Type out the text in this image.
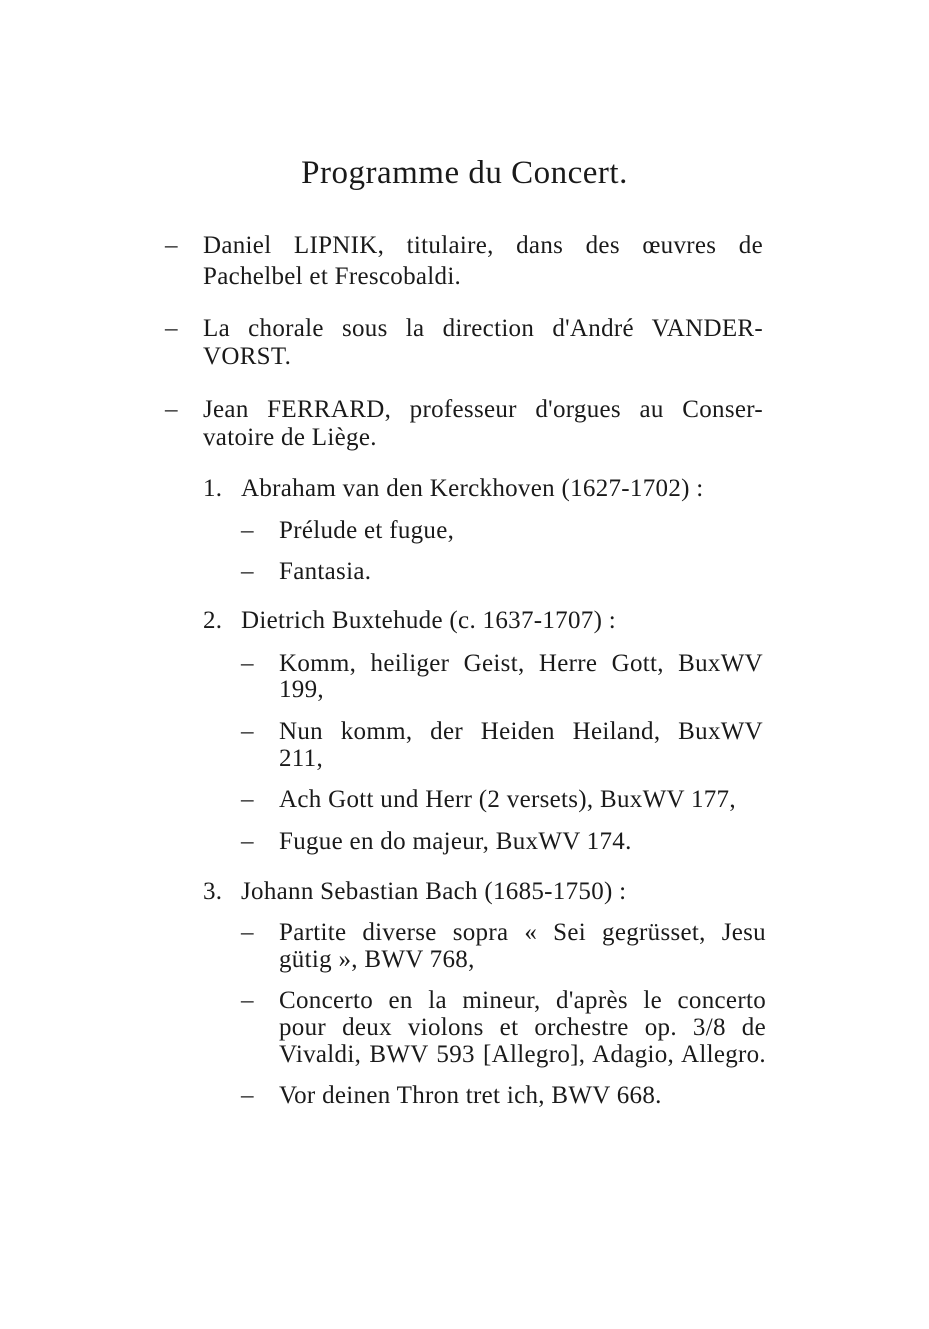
Programme du Concert.
– Daniel LIPNIK, titulaire, dans des œuvres de
Pachelbel et Frescobaldi.
– La chorale sous la direction d'André VANDER-
VORST.
– Jean FERRARD, professeur d'orgues au Conser-
vatoire de Liège.
1. Abraham van den Kerckhoven (1627-1702) :
– Prélude et fugue,
– Fantasia.
2. Dietrich Buxtehude (c. 1637-1707) :
– Komm, heiliger Geist, Herre Gott, BuxWV
199,
– Nun komm, der Heiden Heiland, BuxWV
211,
– Ach Gott und Herr (2 versets), BuxWV 177,
– Fugue en do majeur, BuxWV 174.
3. Johann Sebastian Bach (1685-1750) :
– Partite diverse sopra « Sei gegrüsset, Jesu
gütig », BWV 768,
– Concerto en la mineur, d'après le concerto
pour deux violons et orchestre op. 3/8 de
Vivaldi, BWV 593 [Allegro], Adagio, Allegro.
– Vor deinen Thron tret ich, BWV 668.
